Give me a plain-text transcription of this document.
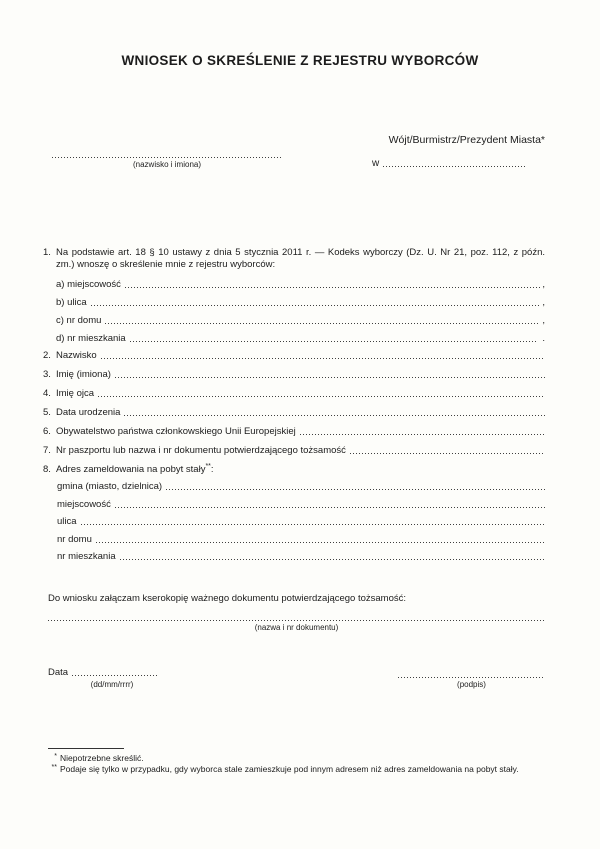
WNIOSEK O SKREŚLENIE Z REJESTRU WYBORCÓW
Wójt/Burmistrz/Prezydent Miasta*
w
(nazwisko i imiona)
1. Na podstawie art. 18 § 10 ustawy z dnia 5 stycznia 2011 r. — Kodeks wyborczy (Dz. U. Nr 21, poz. 112, z późn. zm.) wnoszę o skreślenie mnie z rejestru wyborców:
a) miejscowość	,
b) ulica	,
c) nr domu	,
d) nr mieszkania	.
2. Nazwisko
3. Imię (imiona)
4. Imię ojca
5. Data urodzenia
6. Obywatelstwo państwa członkowskiego Unii Europejskiej
7. Nr paszportu lub nazwa i nr dokumentu potwierdzającego tożsamość
8. Adres zameldowania na pobyt stały**:
gmina (miasto, dzielnica)
miejscowość
ulica
nr domu
nr mieszkania
Do wniosku załączam kserokopię ważnego dokumentu potwierdzającego tożsamość:
(nazwa i nr dokumentu)
Data
(dd/mm/rrrr)	(podpis)
* Niepotrzebne skreślić.
** Podaje się tylko w przypadku, gdy wyborca stale zamieszkuje pod innym adresem niż adres zameldowania na pobyt stały.
